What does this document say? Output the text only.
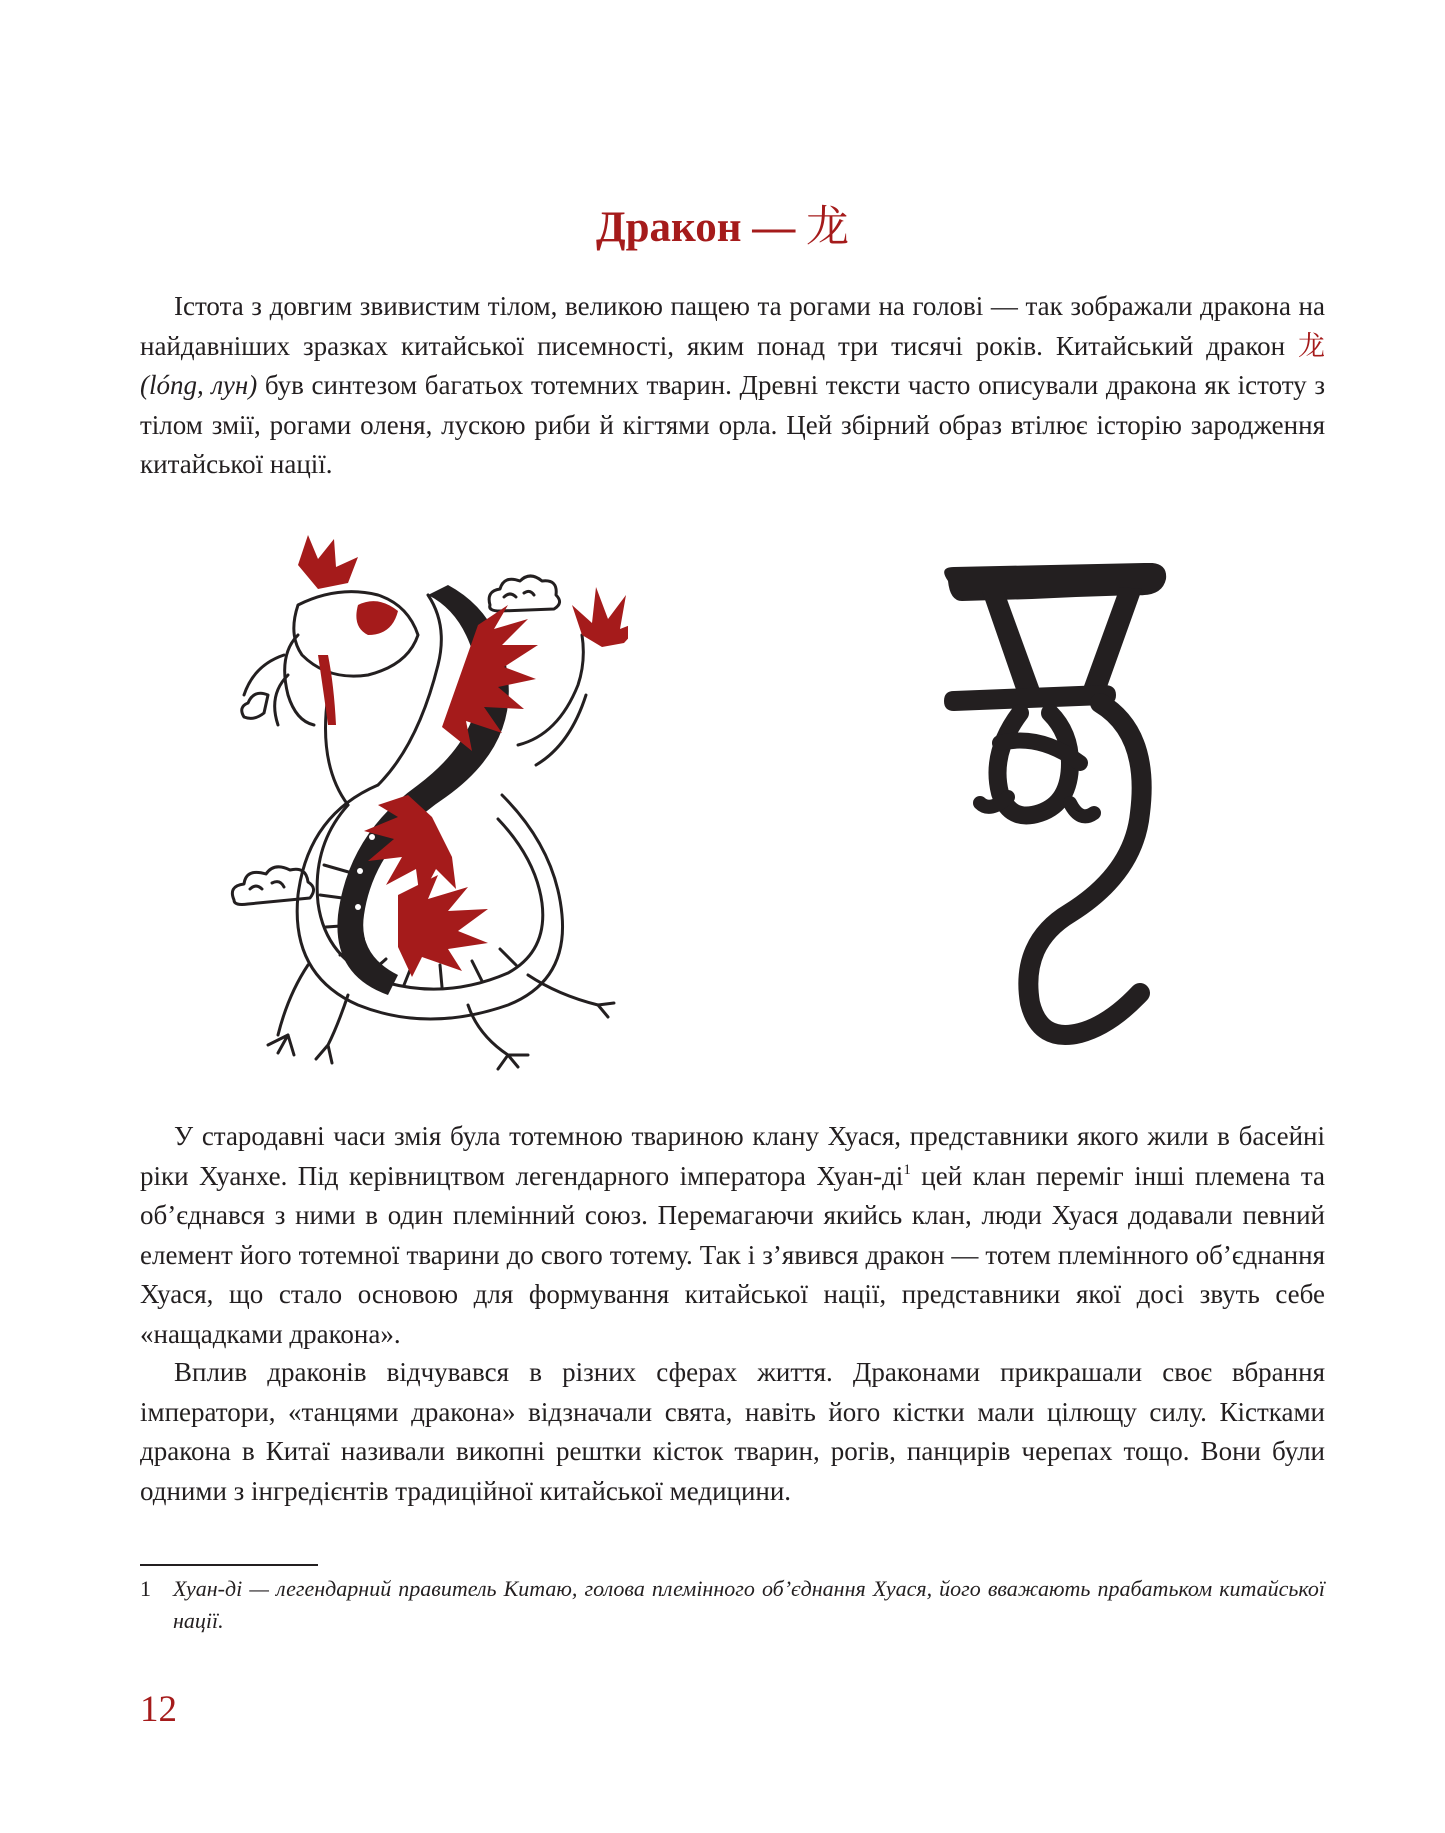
Дракон — 龙

Істота з довгим звивистим тілом, великою пащею та рогами на голові — так зображали дракона на найдавніших зразках китайської писемності, яким понад три тисячі років. Китайський дракон 龙 (lóng, лун) був синтезом багатьох тотемних тварин. Древні тексти часто описували дракона як істоту з тілом змії, рогами оленя, лускою риби й кігтями орла. Цей збірний образ втілює історію зародження китайської нації.

У стародавні часи змія була тотемною твариною клану Хуася, представники якого жили в басейні ріки Хуанхе. Під керівництвом легендарного імператора Хуан-$ді^1$ цей клан переміг інші племена та об’єднався з ними в один племінний союз. Перемагаючи якийсь клан, люди Хуася додавали певний елемент його тотемної тварини до свого тотему. Так і з’явився дракон — тотем племінного об’єднання Хуася, що стало основою для формування китайської нації, представники якої досі звуть себе «нащадками дракона».

Вплив драконів відчувався в різних сферах життя. Драконами прикрашали своє вбрання імператори, «танцями дракона» відзначали свята, навіть його кістки мали цілющу силу. Кістками дракона в Китаї називали викопні рештки кісток тварин, рогів, панцирів черепах тощо. Вони були одними з інгредієнтів традиційної китайської медицини.

1 Хуан-ді — легендарний правитель Китаю, голова племінного об’єднання Хуася, його вважають прабатьком китайської нації.

12
